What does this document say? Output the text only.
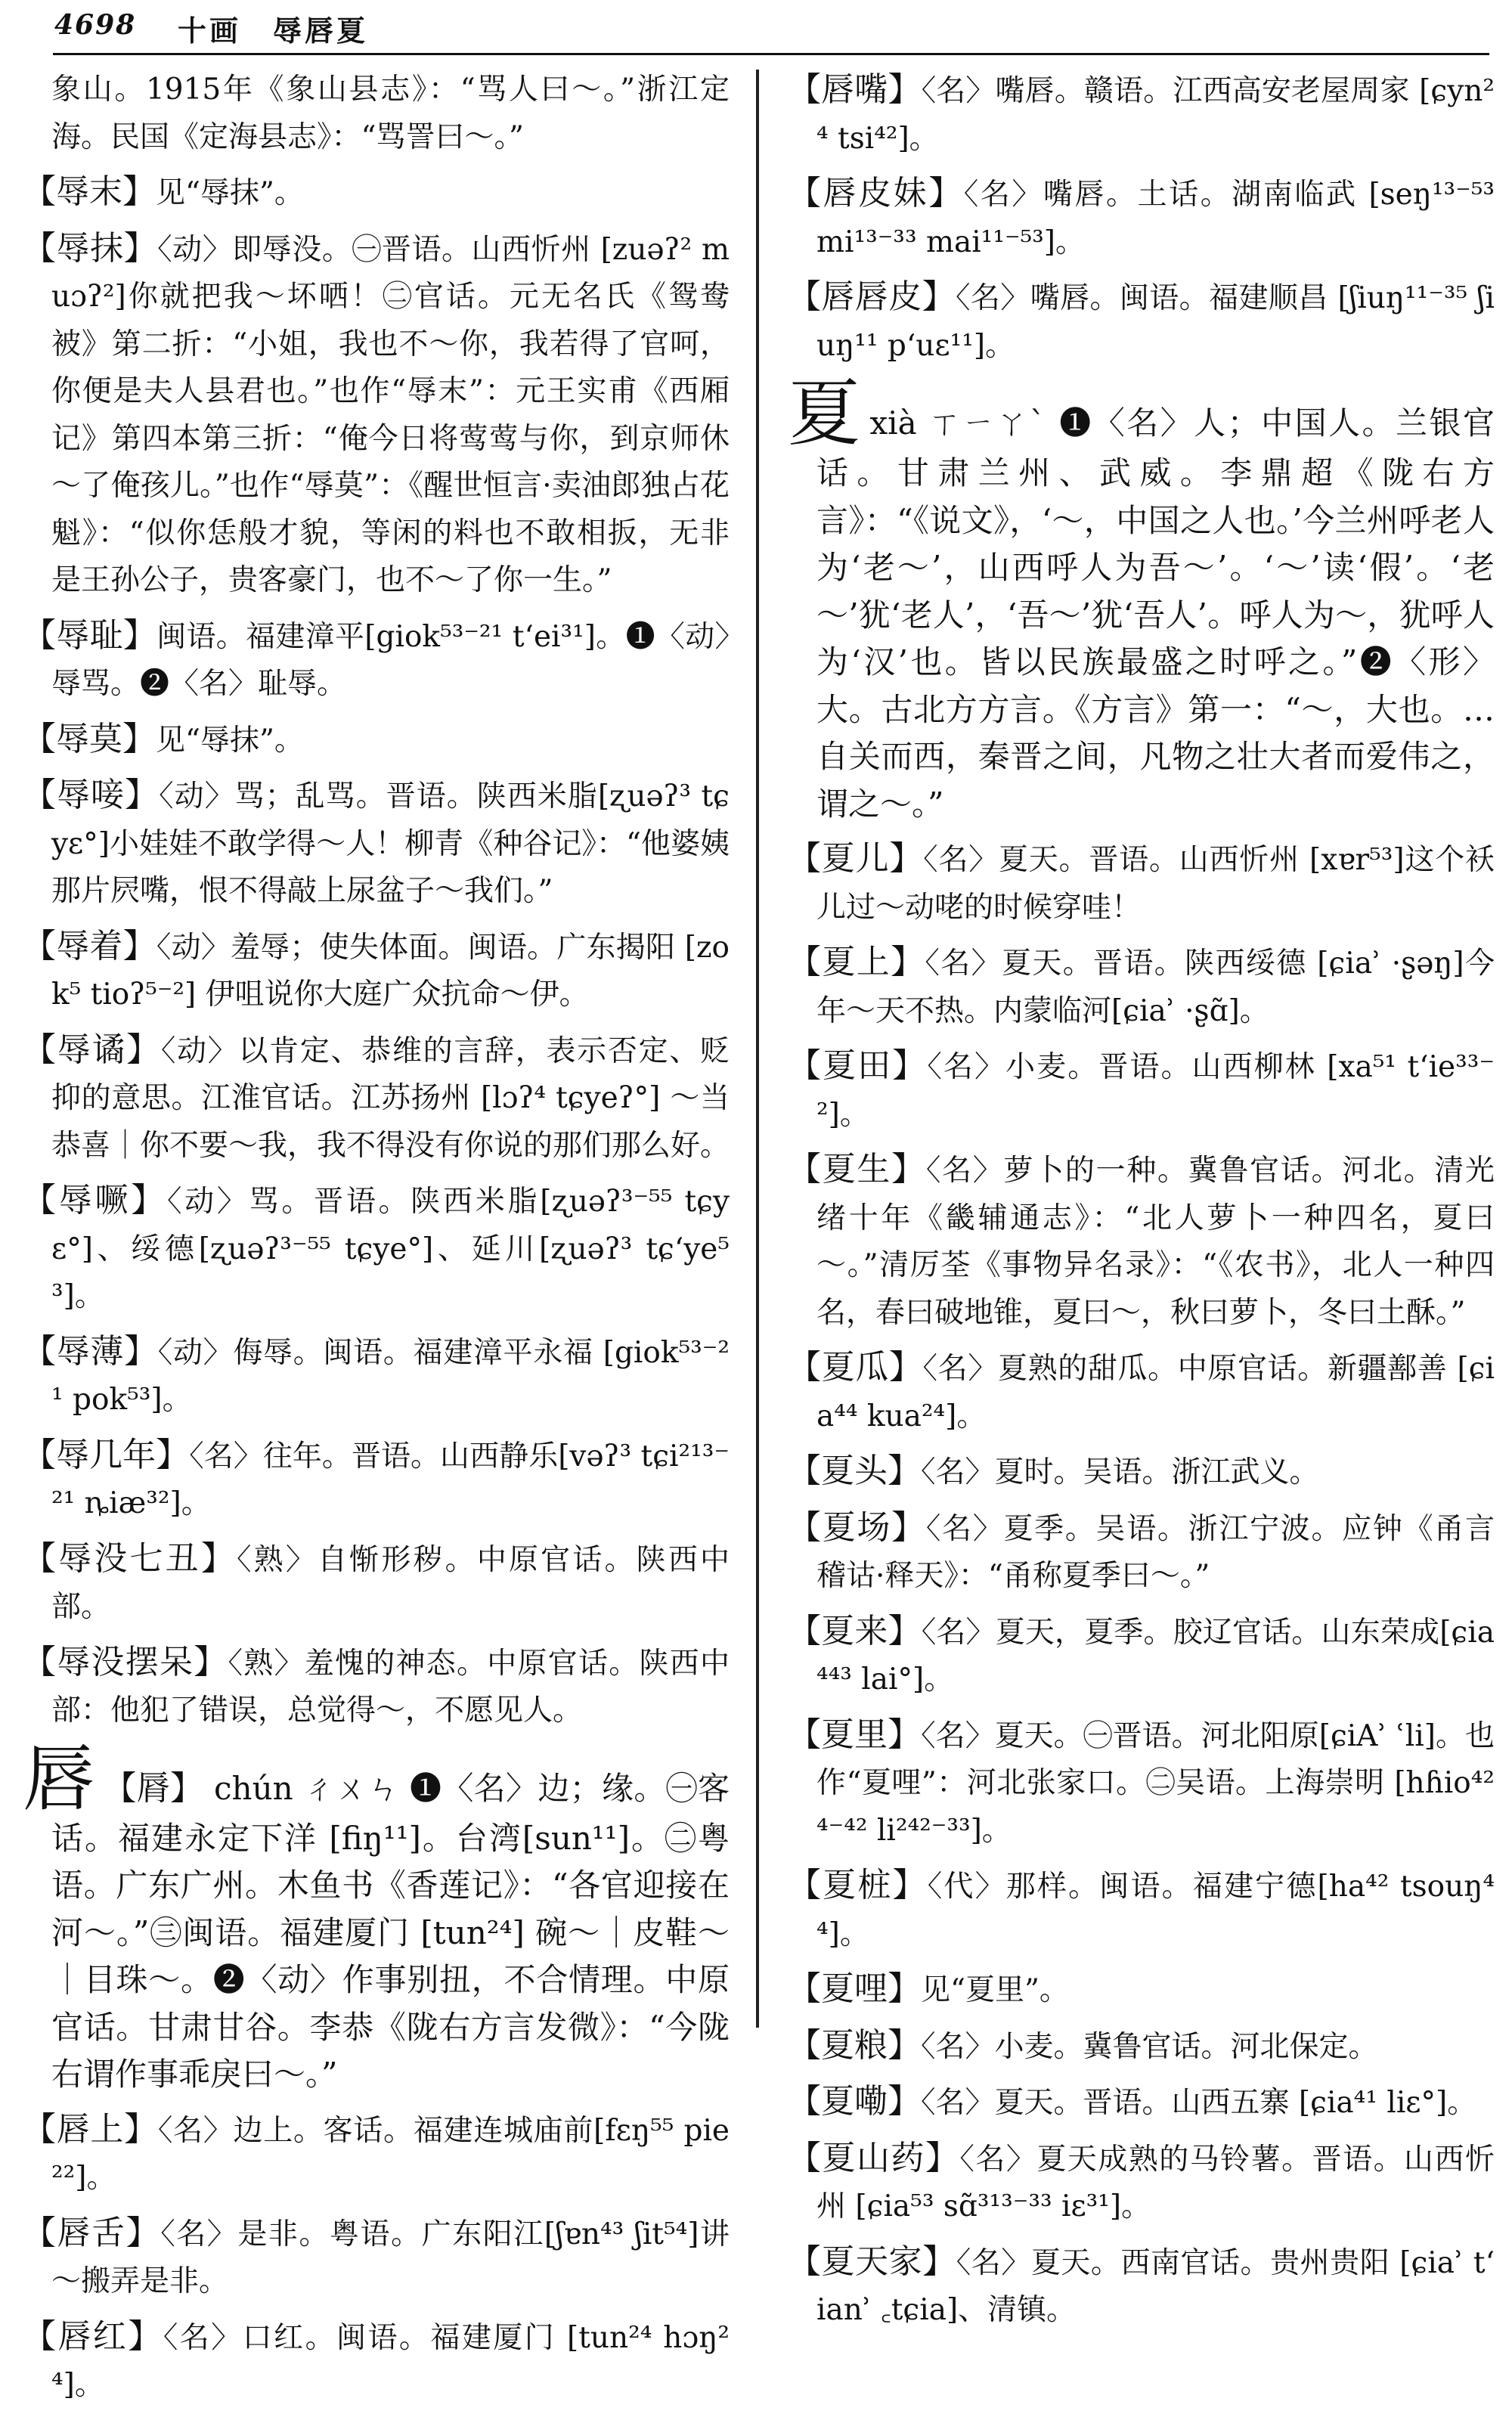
4698 十画　辱唇夏

象山。1915年《象山县志》：“骂人曰～。”浙江定海。民国《定海县志》：“骂詈曰～。”

【辱末】见“辱抹”。

【辱抹】〈动〉即辱没。㊀晋语。山西忻州 [zuəʔ² muɔʔ²]你就把我～坏哂！㊁官话。元无名氏《鸳鸯被》第二折：“小姐，我也不～你，我若得了官呵，你便是夫人县君也。”也作“辱末”：元王实甫《西厢记》第四本第三折：“俺今日将莺莺与你，到京师休～了俺孩儿。”也作“辱莫”：《醒世恒言·卖油郎独占花魁》：“似你恁般才貌，等闲的料也不敢相扳，无非是王孙公子，贵客豪门，也不～了你一生。”

【辱耻】闽语。福建漳平[giok⁵³⁻²¹ tʻei³¹]。❶〈动〉辱骂。❷〈名〉耻辱。

【辱莫】见“辱抹”。

【辱唼】〈动〉骂；乱骂。晋语。陕西米脂[ʐuəʔ³ tɕyɛ°]小娃娃不敢学得～人！柳青《种谷记》：“他婆姨那片屄嘴，恨不得敲上尿盆子～我们。”

【辱着】〈动〉羞辱；使失体面。闽语。广东揭阳 [zok⁵ tioʔ⁵⁻²] 伊咀说你大庭广众抗命～伊。

【辱谲】〈动〉以肯定、恭维的言辞，表示否定、贬抑的意思。江淮官话。江苏扬州 [lɔʔ⁴ tɕyeʔ°] ～当恭喜｜你不要～我，我不得没有你说的那们那么好。

【辱噘】〈动〉骂。晋语。陕西米脂[ʐuəʔ³⁻⁵⁵ tɕyɛ°]、绥德[ʐuəʔ³⁻⁵⁵ tɕye°]、延川[ʐuəʔ³ tɕʻye⁵³]。

【辱薄】〈动〉侮辱。闽语。福建漳平永福 [giok⁵³⁻²¹ pok⁵³]。

【辱几年】〈名〉往年。晋语。山西静乐[vəʔ³ tɕi²¹³⁻²¹ ȵiæ³²]。

【辱没七丑】〈熟〉自惭形秽。中原官话。陕西中部。

【辱没摆呆】〈熟〉羞愧的神态。中原官话。陕西中部：他犯了错误，总觉得～，不愿见人。

唇 【脣】 chún ㄔㄨㄣ ❶〈名〉边；缘。㊀客话。福建永定下洋 [fiŋ¹¹]。台湾[sun¹¹]。㊁粤语。广东广州。木鱼书《香莲记》：“各官迎接在河～。”㊂闽语。福建厦门 [tun²⁴] 碗～｜皮鞋～｜目珠～。❷〈动〉作事别扭，不合情理。中原官话。甘肃甘谷。李恭《陇右方言发微》：“今陇右谓作事乖戾曰～。”

【唇上】〈名〉边上。客话。福建连城庙前[fɛŋ⁵⁵ pie²²]。

【唇舌】〈名〉是非。粤语。广东阳江[ʃɐn⁴³ ʃit⁵⁴]讲～搬弄是非。

【唇红】〈名〉口红。闽语。福建厦门 [tun²⁴ hɔŋ²⁴]。

【唇嘴】〈名〉嘴唇。赣语。江西高安老屋周家 [ɕyn²⁴ tsi⁴²]。

【唇皮妹】〈名〉嘴唇。土话。湖南临武 [seŋ¹³⁻⁵³ mi¹³⁻³³ mai¹¹⁻⁵³]。

【唇唇皮】〈名〉嘴唇。闽语。福建顺昌 [ʃiuŋ¹¹⁻³⁵ ʃiuŋ¹¹ pʻuɛ¹¹]。

夏xià ㄒㄧㄚˋ ❶〈名〉人；中国人。兰银官话。甘肃兰州、武威。李鼎超《陇右方言》：“《说文》，‘～，中国之人也。’今兰州呼老人为‘老～’，山西呼人为吾～’。‘～’读‘假’。‘老～’犹‘老人’，‘吾～’犹‘吾人’。呼人为～，犹呼人为‘汉’也。皆以民族最盛之时呼之。”❷〈形〉大。古北方方言。《方言》第一：“～，大也。…自关而西，秦晋之间，凡物之壮大者而爱伟之，谓之～。”

【夏儿】〈名〉夏天。晋语。山西忻州 [xɐr⁵³]这个袄儿过～动咾的时候穿哇！

【夏上】〈名〉夏天。晋语。陕西绥德 [ɕiaʾ ·ʂəŋ]今年～天不热。内蒙临河[ɕiaʾ ·ʂɑ̃]。

【夏田】〈名〉小麦。晋语。山西柳林 [xa⁵¹ tʻie³³⁻²]。

【夏生】〈名〉萝卜的一种。冀鲁官话。河北。清光绪十年《畿辅通志》：“北人萝卜一种四名，夏曰～。”清厉荃《事物异名录》：“《农书》，北人一种四名，春曰破地锥，夏曰～，秋曰萝卜，冬曰土酥。”

【夏瓜】〈名〉夏熟的甜瓜。中原官话。新疆鄯善 [ɕia⁴⁴ kua²⁴]。

【夏头】〈名〉夏时。吴语。浙江武义。

【夏场】〈名〉夏季。吴语。浙江宁波。应钟《甬言稽诂·释天》：“甬称夏季曰～。”

【夏来】〈名〉夏天，夏季。胶辽官话。山东荣成[ɕia⁴⁴³ lai°]。

【夏里】〈名〉夏天。㊀晋语。河北阳原[ɕiAʾ ʿli]。也作“夏哩”：河北张家口。㊁吴语。上海崇明 [hɦio⁴²⁴⁻⁴² li²⁴²⁻³³]。

【夏桩】〈代〉那样。闽语。福建宁德[ha⁴² tsouŋ⁴⁴]。

【夏哩】见“夏里”。

【夏粮】〈名〉小麦。冀鲁官话。河北保定。

【夏嘞】〈名〉夏天。晋语。山西五寨 [ɕia⁴¹ liɛ°]。

【夏山药】〈名〉夏天成熟的马铃薯。晋语。山西忻州 [ɕia⁵³ sɑ̃³¹³⁻³³ iɛ³¹]。

【夏天家】〈名〉夏天。西南官话。贵州贵阳 [ɕiaʾ tʻianʾ ꜀tɕia]、清镇。
